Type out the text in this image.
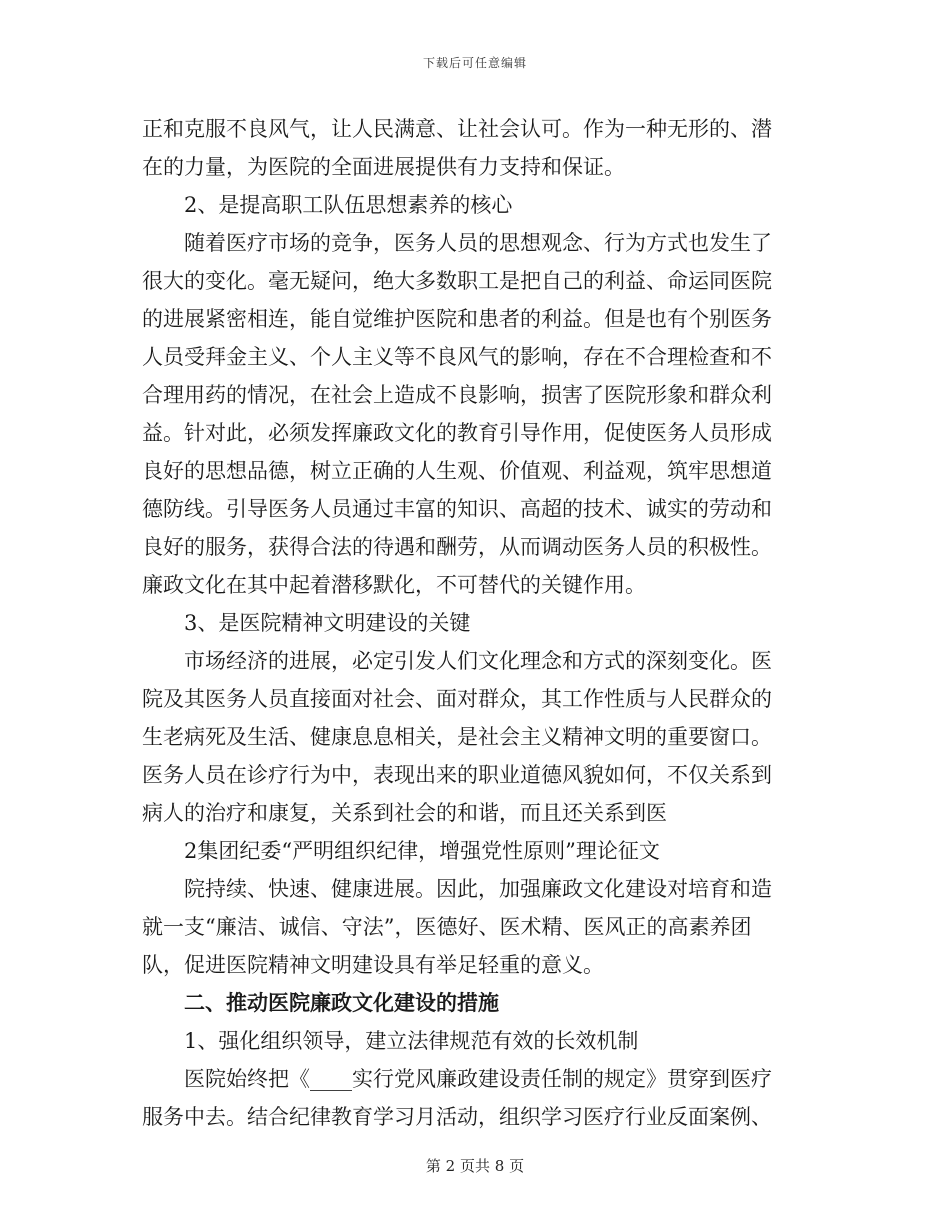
下载后可任意编辑
正和克服不良风气，让人民满意、让社会认可。作为一种无形的、潜
在的力量，为医院的全面进展提供有力支持和保证。
2、是提高职工队伍思想素养的核心
随着医疗市场的竞争，医务人员的思想观念、行为方式也发生了
很大的变化。毫无疑问，绝大多数职工是把自己的利益、命运同医院
的进展紧密相连，能自觉维护医院和患者的利益。但是也有个别医务
人员受拜金主义、个人主义等不良风气的影响，存在不合理检查和不
合理用药的情况，在社会上造成不良影响，损害了医院形象和群众利
益。针对此，必须发挥廉政文化的教育引导作用，促使医务人员形成
良好的思想品德，树立正确的人生观、价值观、利益观，筑牢思想道
德防线。引导医务人员通过丰富的知识、高超的技术、诚实的劳动和
良好的服务，获得合法的待遇和酬劳，从而调动医务人员的积极性。
廉政文化在其中起着潜移默化，不可替代的关键作用。
3、是医院精神文明建设的关键
市场经济的进展，必定引发人们文化理念和方式的深刻变化。医
院及其医务人员直接面对社会、面对群众，其工作性质与人民群众的
生老病死及生活、健康息息相关，是社会主义精神文明的重要窗口。
医务人员在诊疗行为中，表现出来的职业道德风貌如何，不仅关系到
病人的治疗和康复，关系到社会的和谐，而且还关系到医
2集团纪委“严明组织纪律，增强党性原则”理论征文
院持续、快速、健康进展。因此，加强廉政文化建设对培育和造
就一支“廉洁、诚信、守法”，医德好、医术精、医风正的高素养团
队，促进医院精神文明建设具有举足轻重的意义。
二、推动医院廉政文化建设的措施
1、强化组织领导，建立法律规范有效的长效机制
医院始终把《____实行党风廉政建设责任制的规定》贯穿到医疗
服务中去。结合纪律教育学习月活动，组织学习医疗行业反面案例、
第 2 页共 8 页
